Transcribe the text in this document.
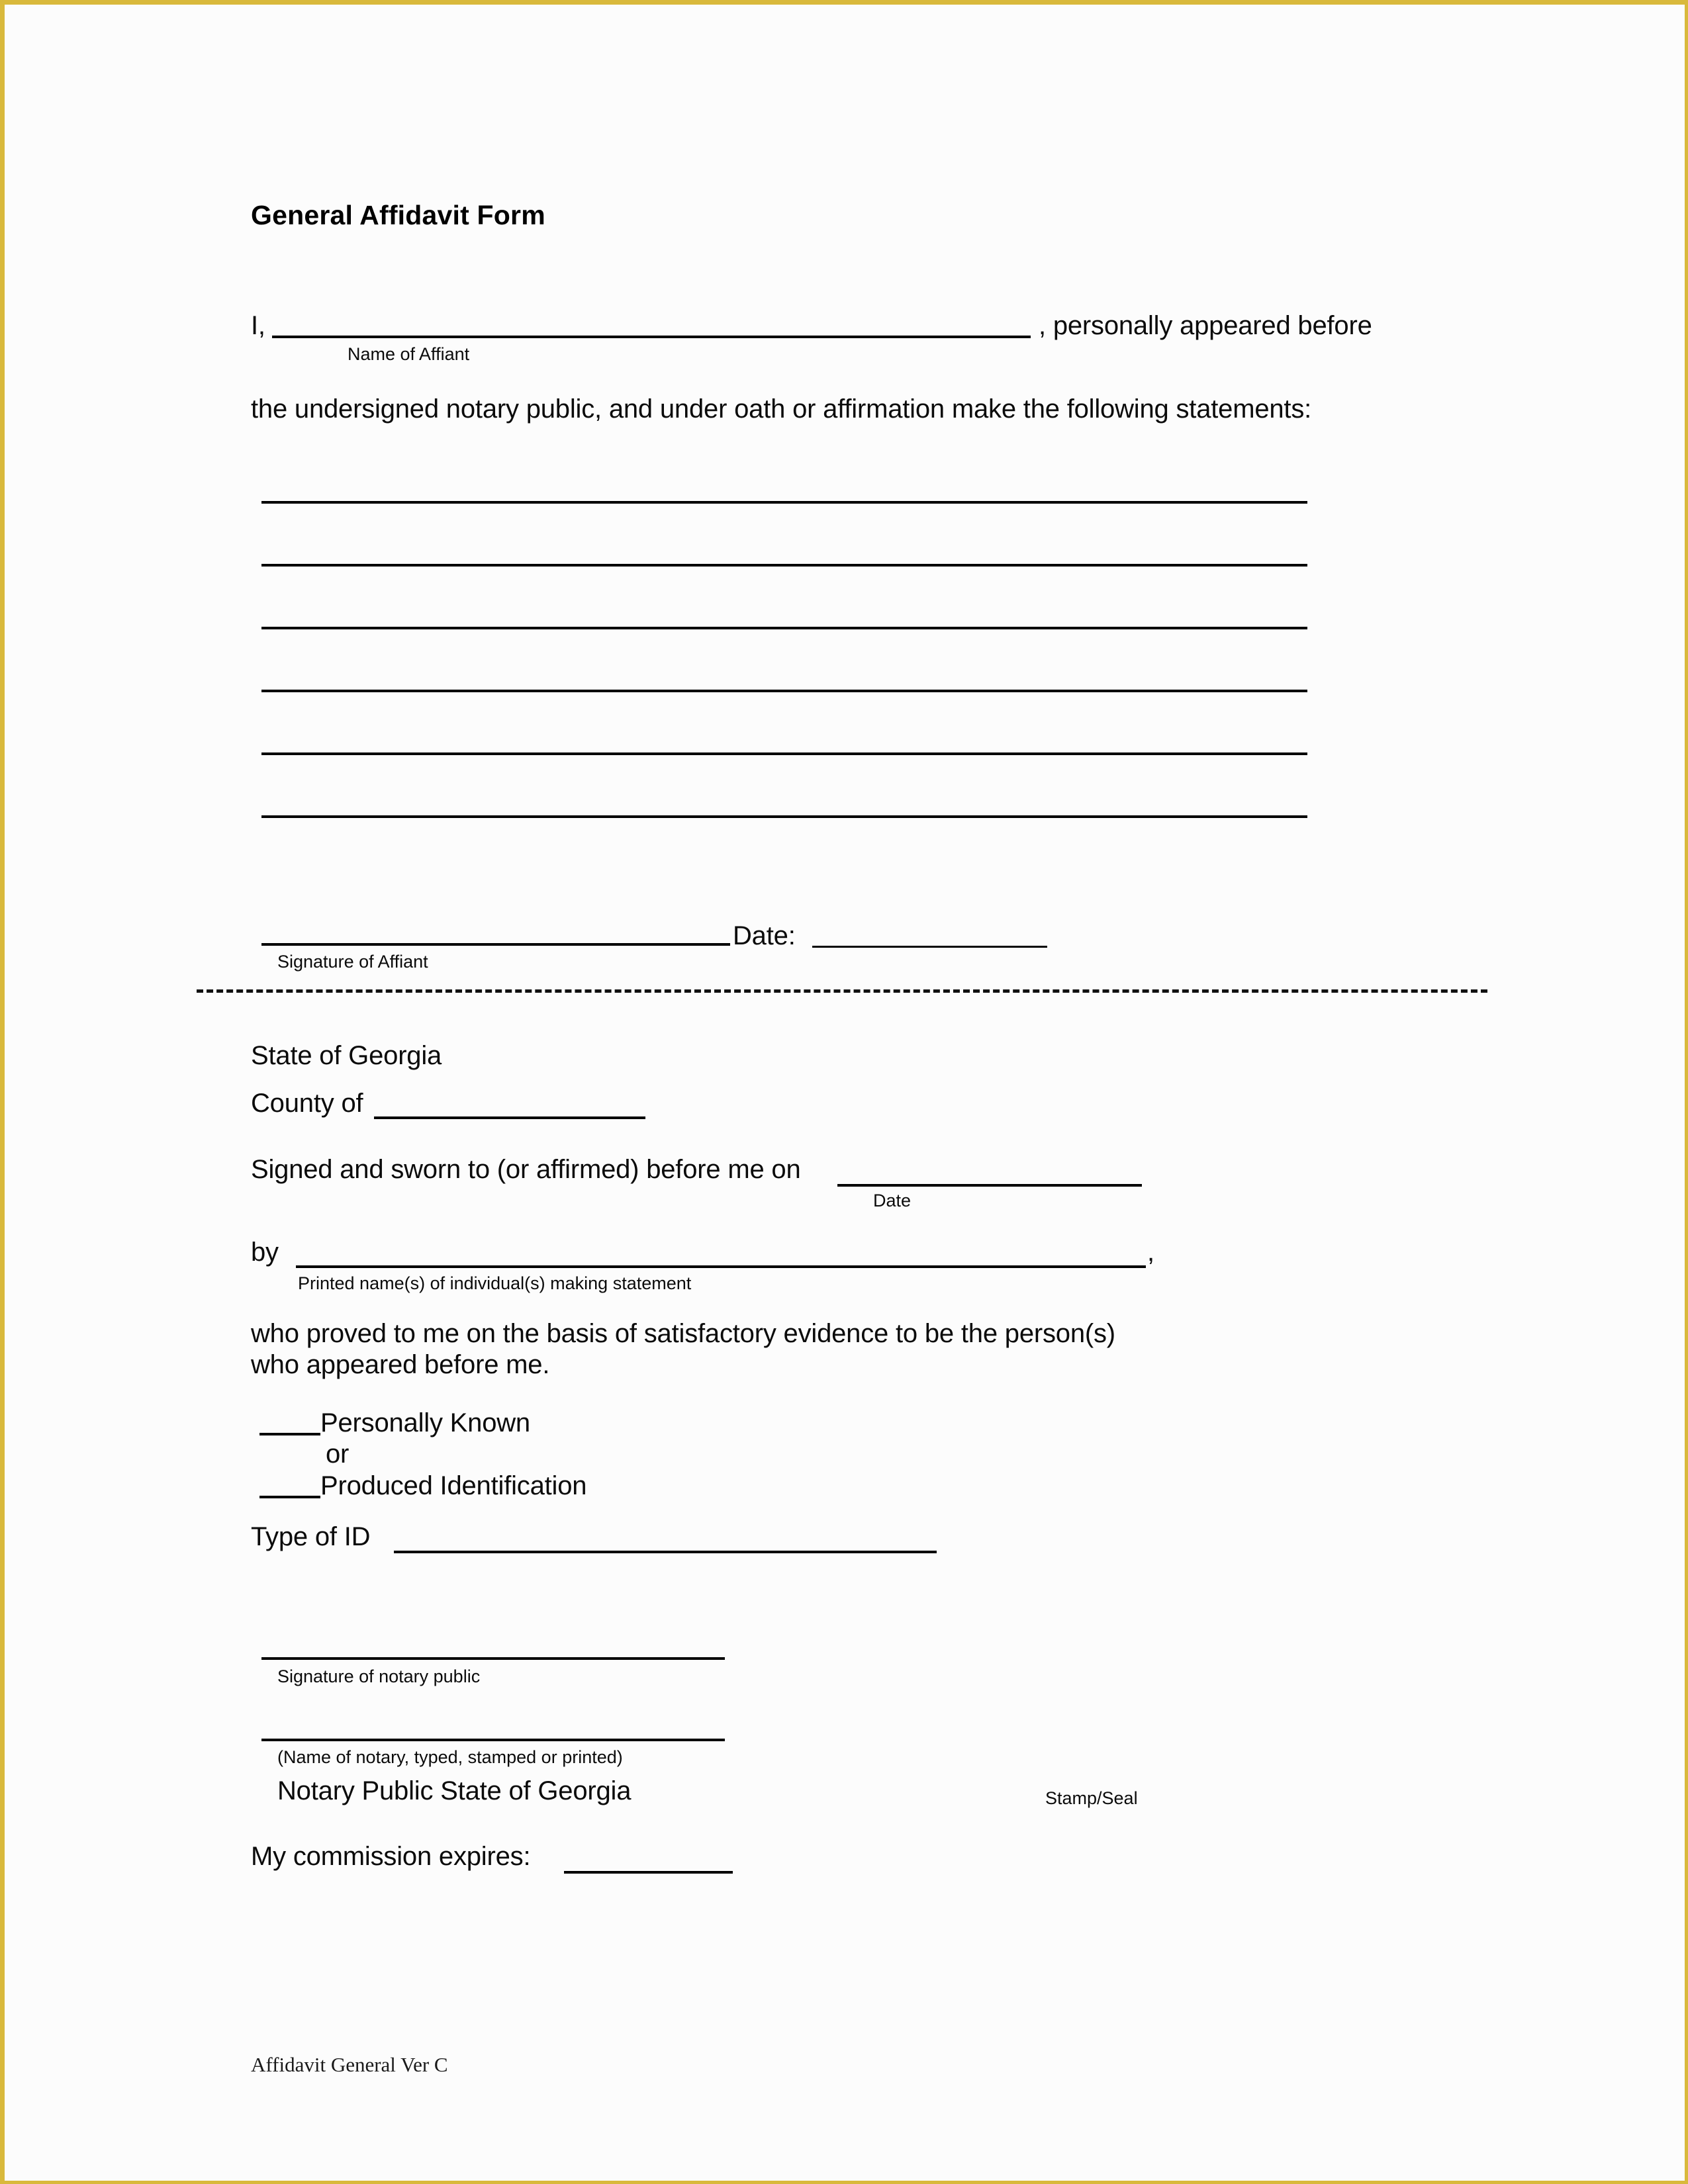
General Affidavit Form
I,	, personally appeared before
Name of Affiant
the undersigned notary public, and under oath or affirmation make the following statements:
Signature of Affiant
Date:
State of Georgia
County of
Signed and sworn to (or affirmed) before me on
Date
by	,
Printed name(s) of individual(s) making statement
who proved to me on the basis of satisfactory evidence to be the person(s)
who appeared before me.
Personally Known
or
Produced Identification
Type of ID
Signature of notary public
(Name of notary, typed, stamped or printed)
Notary Public State of Georgia	Stamp/Seal
My commission expires:
Affidavit General Ver C
